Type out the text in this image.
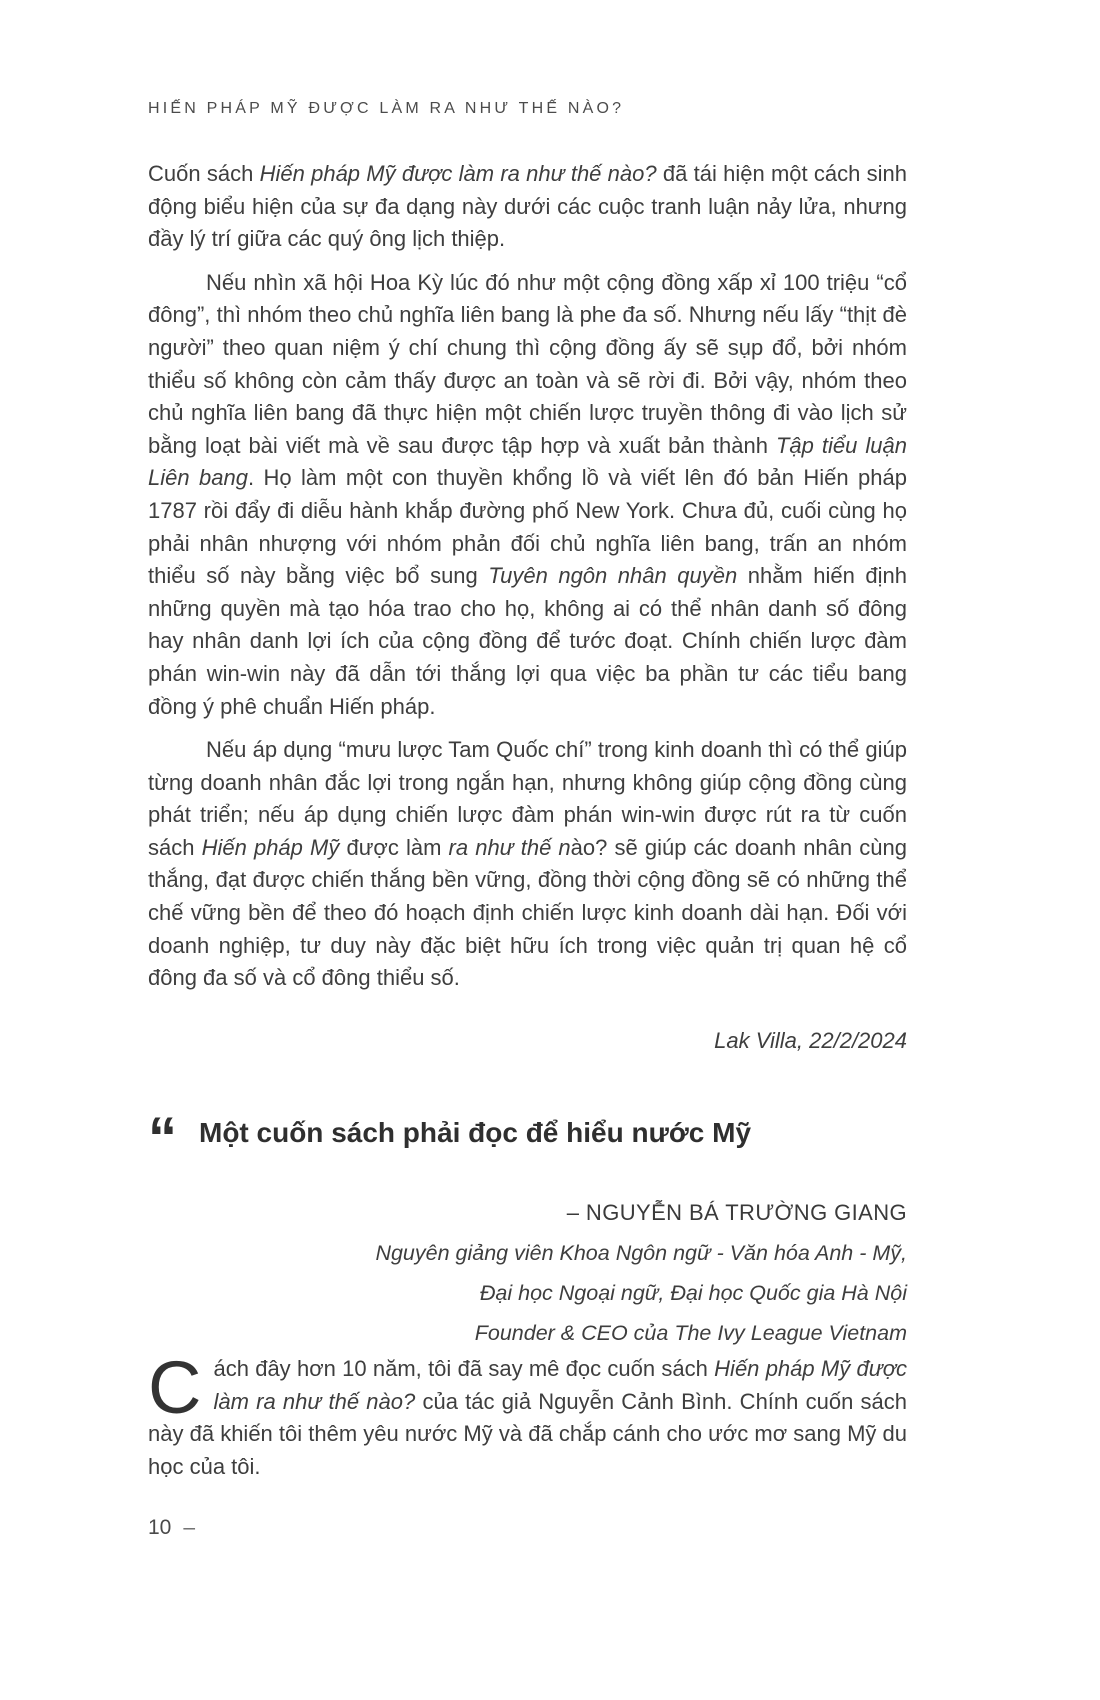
HIẾN PHÁP MỸ ĐƯỢC LÀM RA NHƯ THẾ NÀO?

Cuốn sách Hiến pháp Mỹ được làm ra như thế nào? đã tái hiện một cách sinh động biểu hiện của sự đa dạng này dưới các cuộc tranh luận nảy lửa, nhưng đầy lý trí giữa các quý ông lịch thiệp.

Nếu nhìn xã hội Hoa Kỳ lúc đó như một cộng đồng xấp xỉ 100 triệu “cổ đông”, thì nhóm theo chủ nghĩa liên bang là phe đa số. Nhưng nếu lấy “thịt đè người” theo quan niệm ý chí chung thì cộng đồng ấy sẽ sụp đổ, bởi nhóm thiểu số không còn cảm thấy được an toàn và sẽ rời đi. Bởi vậy, nhóm theo chủ nghĩa liên bang đã thực hiện một chiến lược truyền thông đi vào lịch sử bằng loạt bài viết mà về sau được tập hợp và xuất bản thành Tập tiểu luận Liên bang. Họ làm một con thuyền khổng lồ và viết lên đó bản Hiến pháp 1787 rồi đẩy đi diễu hành khắp đường phố New York. Chưa đủ, cuối cùng họ phải nhân nhượng với nhóm phản đối chủ nghĩa liên bang, trấn an nhóm thiểu số này bằng việc bổ sung Tuyên ngôn nhân quyền nhằm hiến định những quyền mà tạo hóa trao cho họ, không ai có thể nhân danh số đông hay nhân danh lợi ích của cộng đồng để tước đoạt. Chính chiến lược đàm phán win-win này đã dẫn tới thắng lợi qua việc ba phần tư các tiểu bang đồng ý phê chuẩn Hiến pháp.

Nếu áp dụng “mưu lược Tam Quốc chí” trong kinh doanh thì có thể giúp từng doanh nhân đắc lợi trong ngắn hạn, nhưng không giúp cộng đồng cùng phát triển; nếu áp dụng chiến lược đàm phán win-win được rút ra từ cuốn sách Hiến pháp Mỹ được làm ra như thế nào? sẽ giúp các doanh nhân cùng thắng, đạt được chiến thắng bền vững, đồng thời cộng đồng sẽ có những thể chế vững bền để theo đó hoạch định chiến lược kinh doanh dài hạn. Đối với doanh nghiệp, tư duy này đặc biệt hữu ích trong việc quản trị quan hệ cổ đông đa số và cổ đông thiểu số.

Lak Villa, 22/2/2024
“ Một cuốn sách phải đọc để hiểu nước Mỹ
– NGUYỄN BÁ TRƯỜNG GIANG
Nguyên giảng viên Khoa Ngôn ngữ - Văn hóa Anh - Mỹ,
Đại học Ngoại ngữ, Đại học Quốc gia Hà Nội
Founder & CEO của The Ivy League Vietnam

Cách đây hơn 10 năm, tôi đã say mê đọc cuốn sách Hiến pháp Mỹ được làm ra như thế nào? của tác giả Nguyễn Cảnh Bình. Chính cuốn sách này đã khiến tôi thêm yêu nước Mỹ và đã chắp cánh cho ước mơ sang Mỹ du học của tôi.

10 –
